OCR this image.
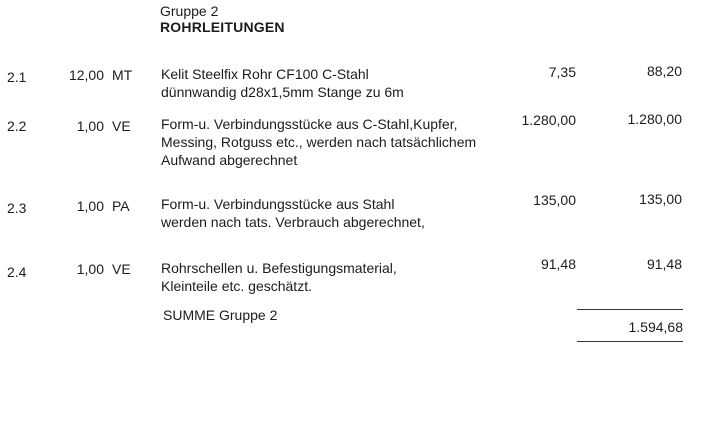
Gruppe 2
ROHRLEITUNGEN
2.1	12,00 MT Kelit Steelfix Rohr CF100 C-Stahl
dünnwandig d28x1,5mm Stange zu 6m
7,35	88,20
2.2	1,00 VE Form-u. Verbindungsstücke aus C-Stahl,Kupfer,
Messing, Rotguss etc., werden nach tatsächlichem
Aufwand abgerechnet
1.280,00	1.280,00
2.3	1,00 PA Form-u. Verbindungsstücke aus Stahl
werden nach tats. Verbrauch abgerechnet,
135,00	135,00
2.4	1,00 VE Rohrschellen u. Befestigungsmaterial,
Kleinteile etc. geschätzt.
91,48	91,48
SUMME Gruppe 2
1.594,68
